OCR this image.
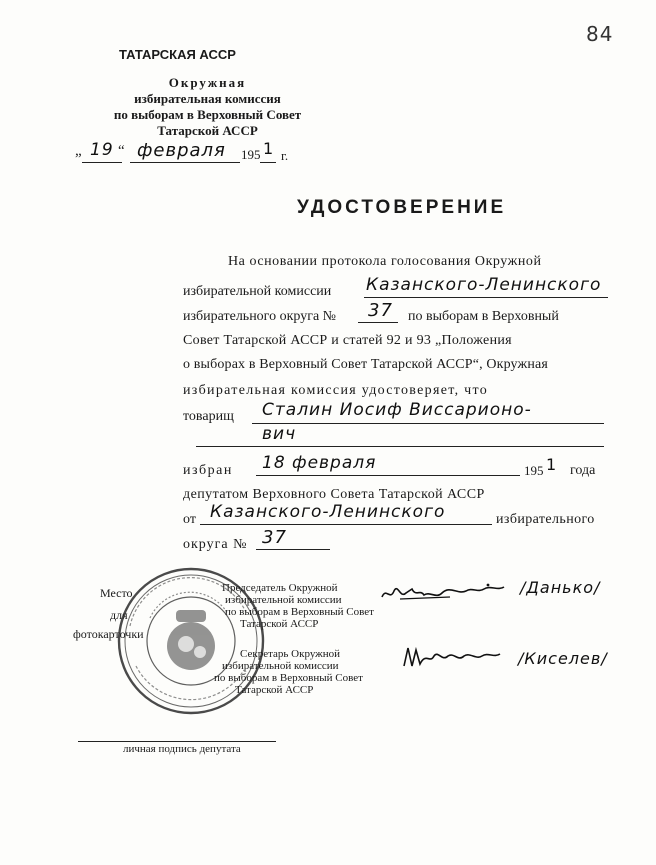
84
ТАТАРСКАЯ АССР
Окружная
избирательная комиссия
по выборам в Верховный Совет
Татарской АССР
„ 19 “ февраля 195 1 г.
УДОСТОВЕРЕНИЕ
На основании протокола голосования Окружной
избирательной комиссии Казанского-Ленинского
избирательного округа № 37 по выборам в Верховный
Совет Татарской АССР и статей 92 и 93 „Положения
о выборах в Верховный Совет Татарской АССР“, Окружная
избирательная комиссия удостоверяет, что
товарищ Сталин Иосиф Виссарионо-
вич
избран 18 февраля	195 1 года
депутатом Верховного Совета Татарской АССР
от Казанского-Ленинского	избирательного
округа № 37
Место
для
фотокарточки
Председатель Окружной
избирательной комиссии
по выборам в Верховный Совет
Татарской АССР
/Данько/
Секретарь Окружной
избирательной комиссии
по выборам в Верховный Совет
Татарской АССР
/Киселев/
личная подпись депутата
